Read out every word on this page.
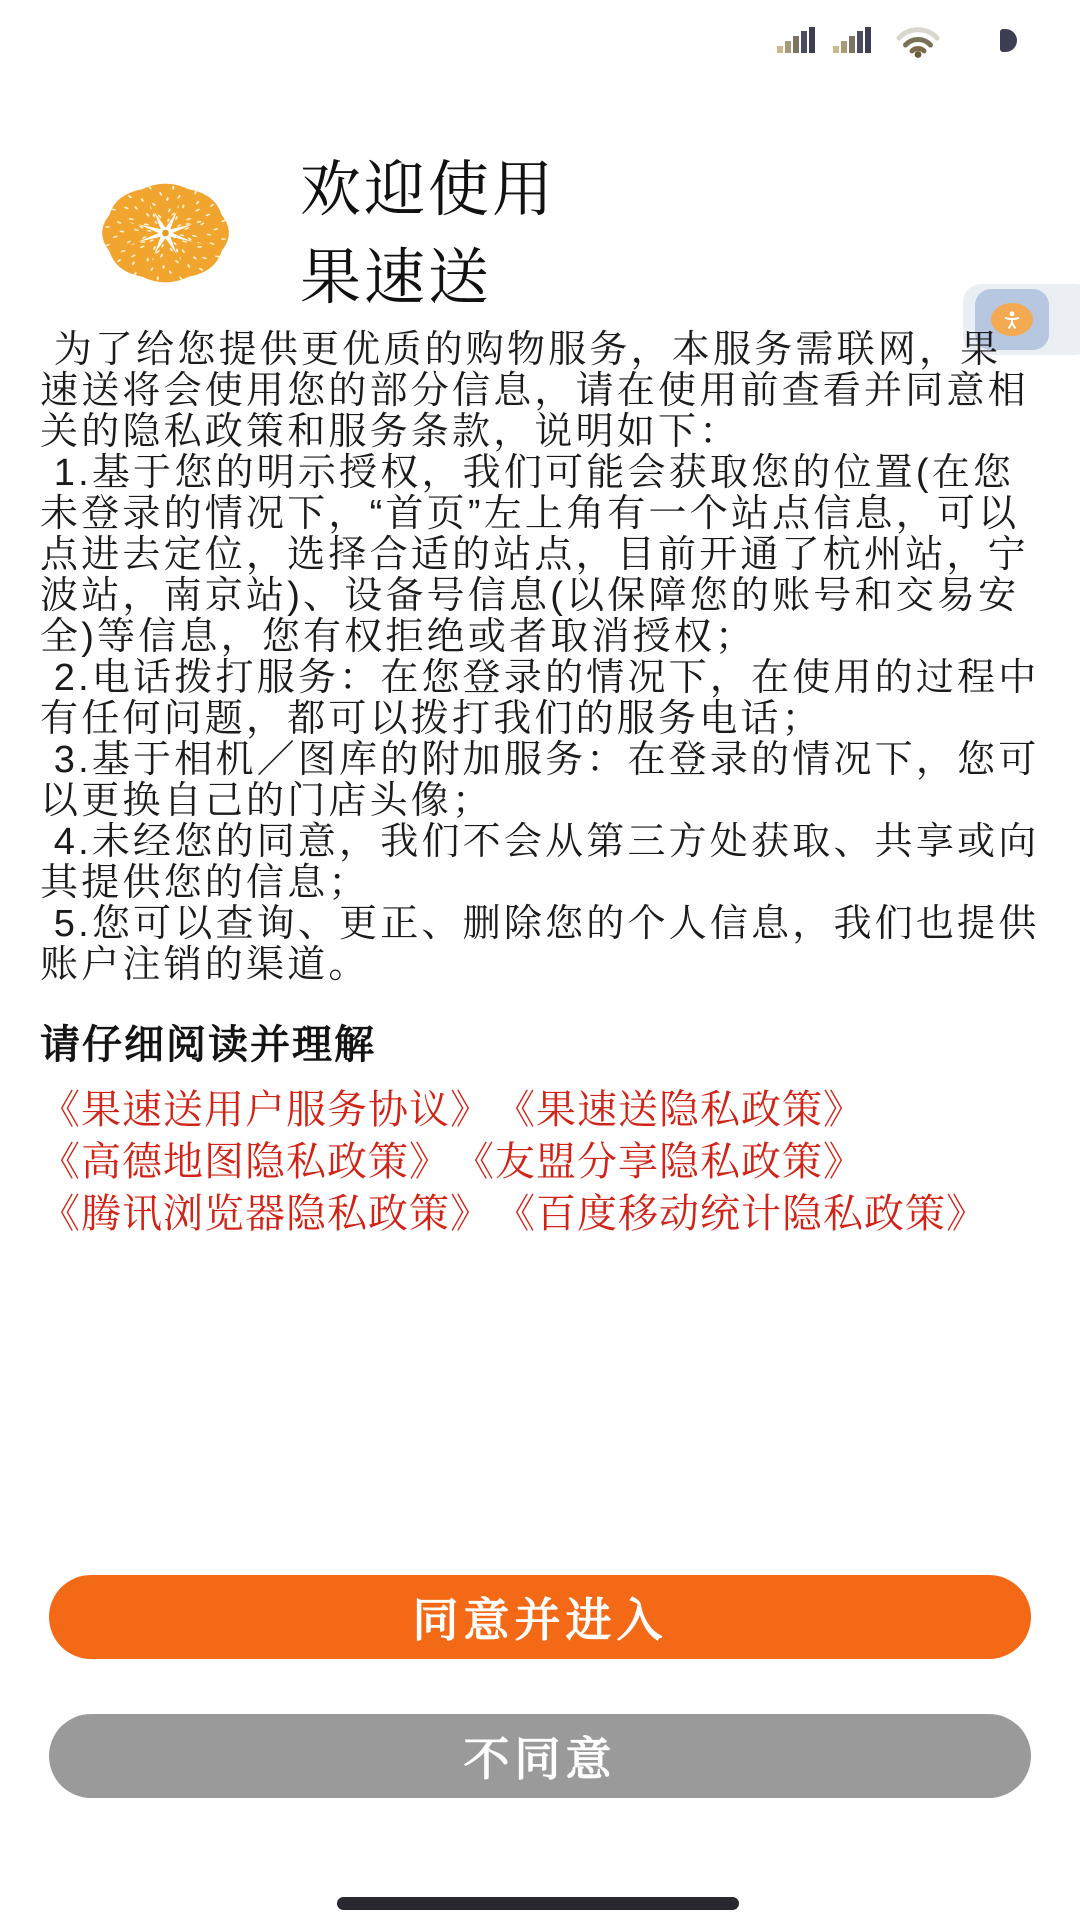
欢迎使用
果速送

为了给您提供更优质的购物服务，本服务需联网，果速送将会使用您的部分信息，请在使用前查看并同意相关的隐私政策和服务条款，说明如下：

1.基于您的明示授权，我们可能会获取您的位置(在您未登录的情况下，“首页”左上角有一个站点信息，可以点进去定位，选择合适的站点，目前开通了杭州站，宁波站，南京站)、设备号信息(以保障您的账号和交易安全)等信息，您有权拒绝或者取消授权；

2.电话拨打服务：在您登录的情况下，在使用的过程中有任何问题，都可以拨打我们的服务电话；

3.基于相机／图库的附加服务：在登录的情况下，您可以更换自己的门店头像；

4.未经您的同意，我们不会从第三方处获取、共享或向其提供您的信息；

5.您可以查询、更正、删除您的个人信息，我们也提供账户注销的渠道。

请仔细阅读并理解
《果速送用户服务协议》 《果速送隐私政策》
《高德地图隐私政策》 《友盟分享隐私政策》
《腾讯浏览器隐私政策》 《百度移动统计隐私政策》
同意并进入
不同意
